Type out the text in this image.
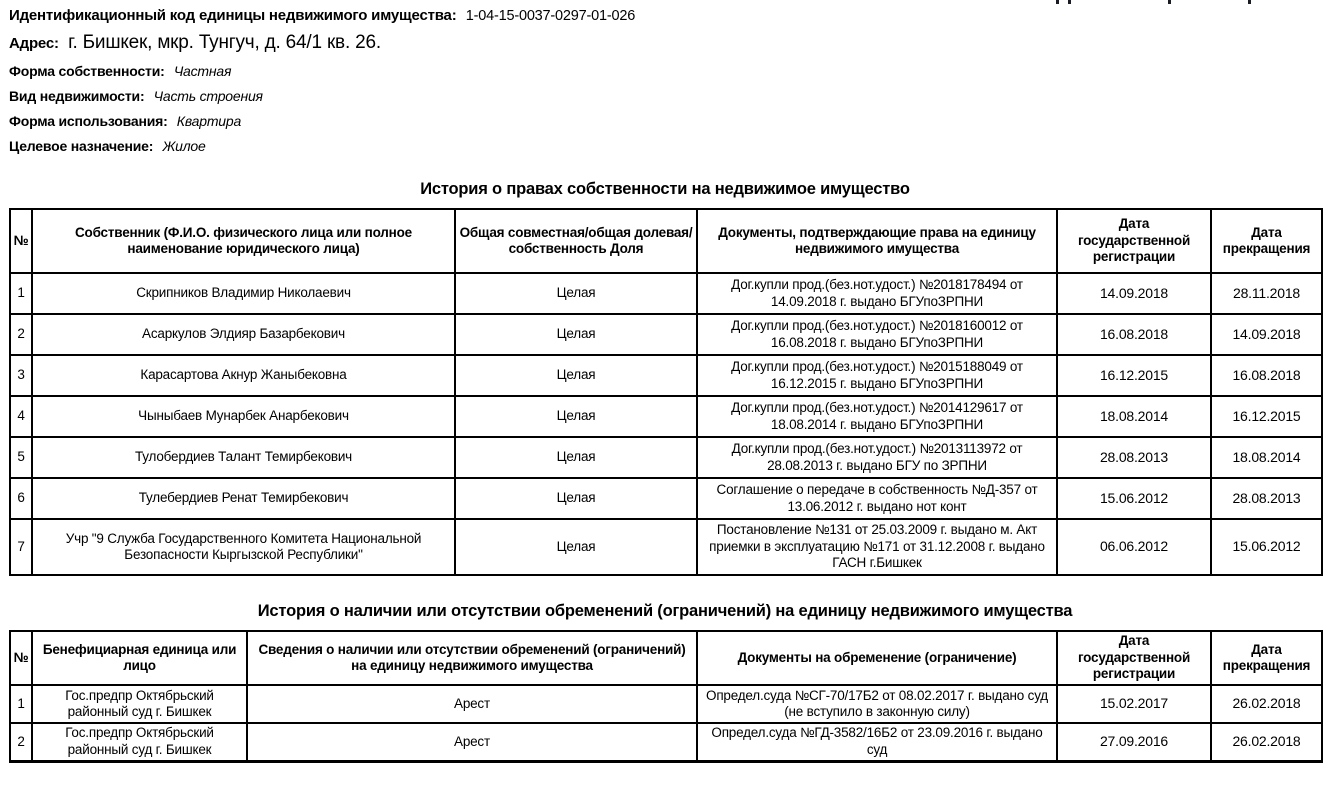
Идентификационный код единицы недвижимого имущества: 1-04-15-0037-0297-01-026
Адрес: г. Бишкек, мкр. Тунгуч, д. 64/1 кв. 26.
Форма собственности: Частная
Вид недвижимости: Часть строения
Форма использования: Квартира
Целевое назначение: Жилое
История о правах собственности на недвижимое имущество
№	Собственник (Ф.И.О. физического лица или полное наименование юридического лица)	Общая совместная/общая долевая/собственность Доля	Документы, подтверждающие права на единицу недвижимого имущества	Дата государственной регистрации	Дата прекращения
1	Скрипников Владимир Николаевич	Целая	Дог.купли прод.(без.нот.удост.) №2018178494 от 14.09.2018 г. выдано БГУпоЗРПНИ	14.09.2018	28.11.2018
2	Асаркулов Элдияр Базарбекович	Целая	Дог.купли прод.(без.нот.удост.) №2018160012 от 16.08.2018 г. выдано БГУпоЗРПНИ	16.08.2018	14.09.2018
3	Карасартова Акнур Жаныбековна	Целая	Дог.купли прод.(без.нот.удост.) №2015188049 от 16.12.2015 г. выдано БГУпоЗРПНИ	16.12.2015	16.08.2018
4	Чыныбаев Мунарбек Анарбекович	Целая	Дог.купли прод.(без.нот.удост.) №2014129617 от 18.08.2014 г. выдано БГУпоЗРПНИ	18.08.2014	16.12.2015
5	Тулобердиев Талант Темирбекович	Целая	Дог.купли прод.(без.нот.удост.) №2013113972 от 28.08.2013 г. выдано БГУ по ЗРПНИ	28.08.2013	18.08.2014
6	Тулебердиев Ренат Темирбекович	Целая	Соглашение о передаче в собственность №Д-357 от 13.06.2012 г. выдано нот конт	15.06.2012	28.08.2013
7	Учр "9 Служба Государственного Комитета Национальной Безопасности Кыргызской Республики"	Целая	Постановление №131 от 25.03.2009 г. выдано м. Акт приемки в эксплуатацию №171 от 31.12.2008 г. выдано ГАСН г.Бишкек	06.06.2012	15.06.2012
История о наличии или отсутствии обременений (ограничений) на единицу недвижимого имущества
№	Бенефициарная единица или лицо	Сведения о наличии или отсутствии обременений (ограничений) на единицу недвижимого имущества	Документы на обременение (ограничение)	Дата государственной регистрации	Дата прекращения
1	Гос.предпр Октябрьский районный суд г. Бишкек	Арест	Определ.суда №СГ-70/17Б2 от 08.02.2017 г. выдано суд (не вступило в законную силу)	15.02.2017	26.02.2018
2	Гос.предпр Октябрьский районный суд г. Бишкек	Арест	Определ.суда №ГД-3582/16Б2 от 23.09.2016 г. выдано суд	27.09.2016	26.02.2018
